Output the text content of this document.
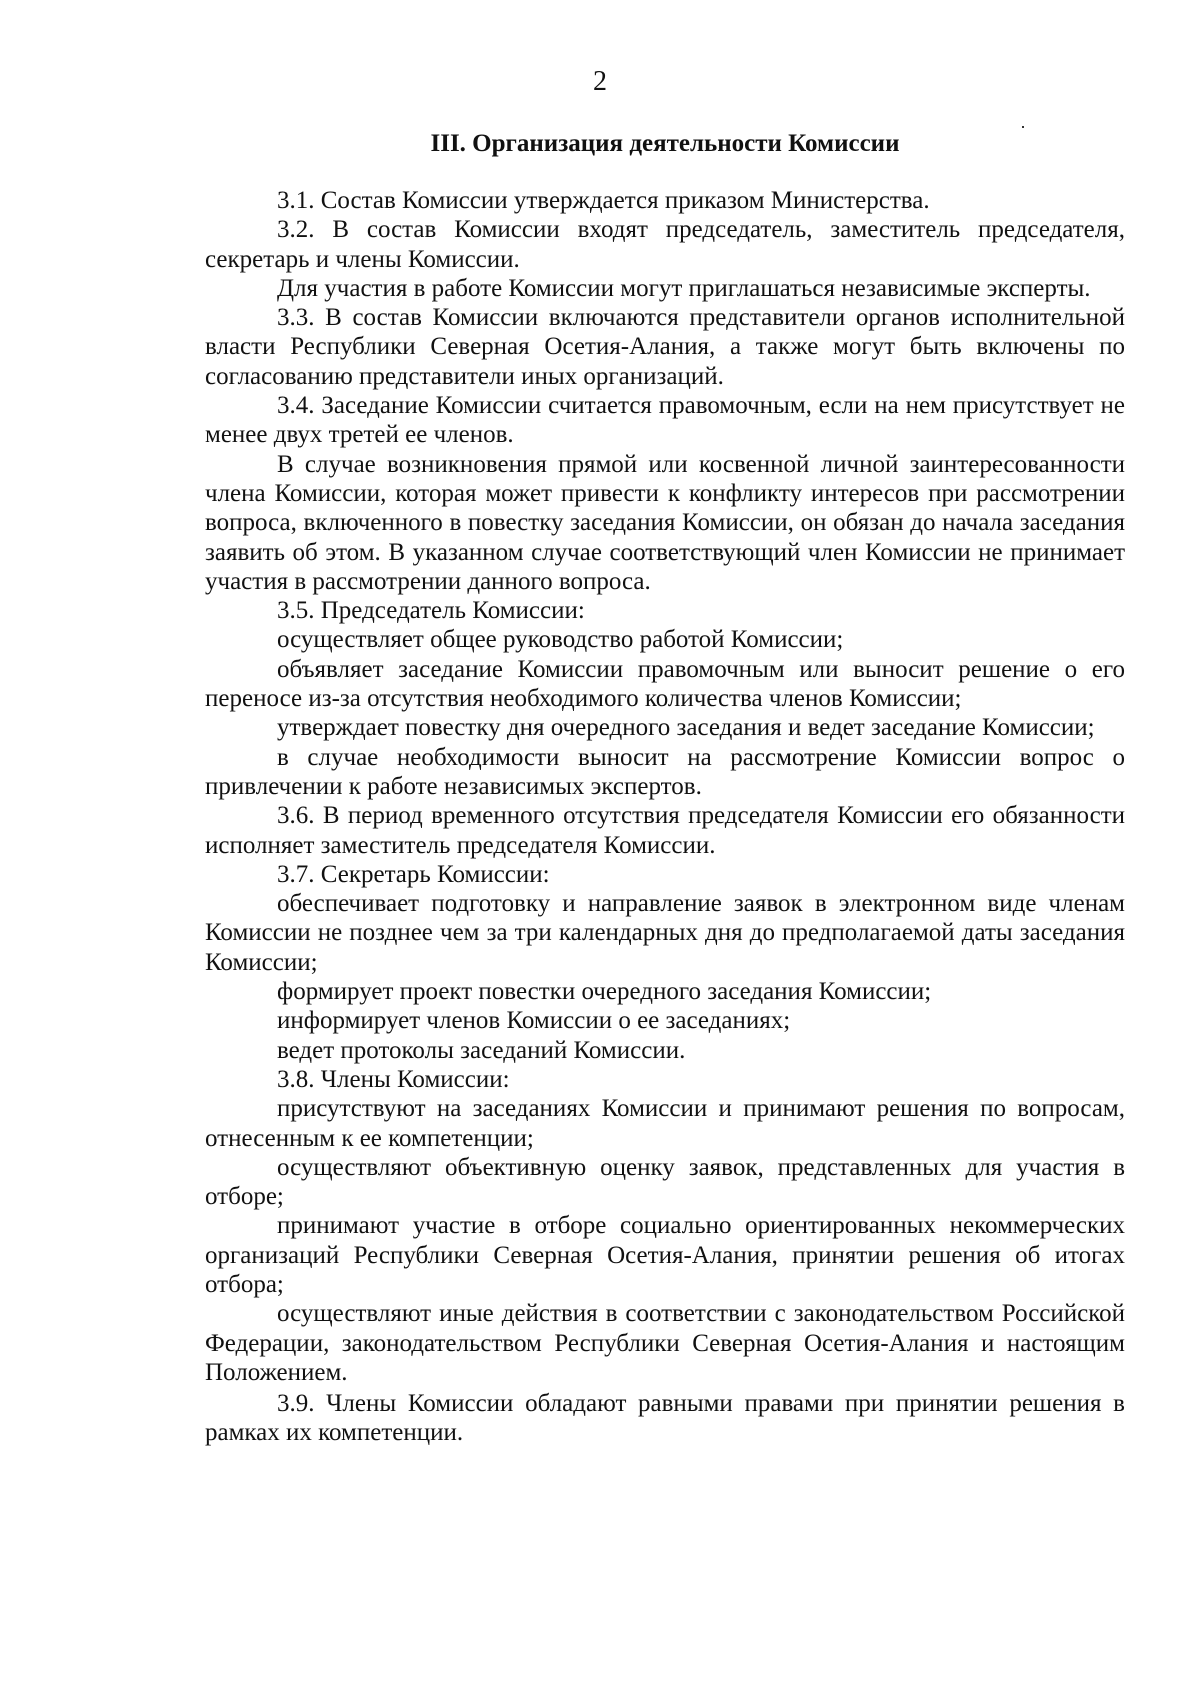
2
III. Организация деятельности Комиссии

3.1. Состав Комиссии утверждается приказом Министерства.

3.2. В состав Комиссии входят председатель, заместитель председателя, секретарь и члены Комиссии.

Для участия в работе Комиссии могут приглашаться независимые эксперты.

3.3. В состав Комиссии включаются представители органов исполнительной власти Республики Северная Осетия-Алания, а также могут быть включены по согласованию представители иных организаций.

3.4. Заседание Комиссии считается правомочным, если на нем присутствует не менее двух третей ее членов.

В случае возникновения прямой или косвенной личной заинтересованности члена Комиссии, которая может привести к конфликту интересов при рассмотрении вопроса, включенного в повестку заседания Комиссии, он обязан до начала заседания заявить об этом. В указанном случае соответствующий член Комиссии не принимает участия в рассмотрении данного вопроса.

3.5. Председатель Комиссии:

осуществляет общее руководство работой Комиссии;

объявляет заседание Комиссии правомочным или выносит решение о его переносе из-за отсутствия необходимого количества членов Комиссии;

утверждает повестку дня очередного заседания и ведет заседание Комиссии;

в случае необходимости выносит на рассмотрение Комиссии вопрос о привлечении к работе независимых экспертов.

3.6. В период временного отсутствия председателя Комиссии его обязанности исполняет заместитель председателя Комиссии.

3.7. Секретарь Комиссии:

обеспечивает подготовку и направление заявок в электронном виде членам Комиссии не позднее чем за три календарных дня до предполагаемой даты заседания Комиссии;

формирует проект повестки очередного заседания Комиссии;

информирует членов Комиссии о ее заседаниях;

ведет протоколы заседаний Комиссии.

3.8. Члены Комиссии:

присутствуют на заседаниях Комиссии и принимают решения по вопросам, отнесенным к ее компетенции;

осуществляют объективную оценку заявок, представленных для участия в отборе;

принимают участие в отборе социально ориентированных некоммерческих организаций Республики Северная Осетия-Алания, принятии решения об итогах отбора;

осуществляют иные действия в соответствии с законодательством Российской Федерации, законодательством Республики Северная Осетия-Алания и настоящим Положением.

3.9. Члены Комиссии обладают равными правами при принятии решения в рамках их компетенции.
